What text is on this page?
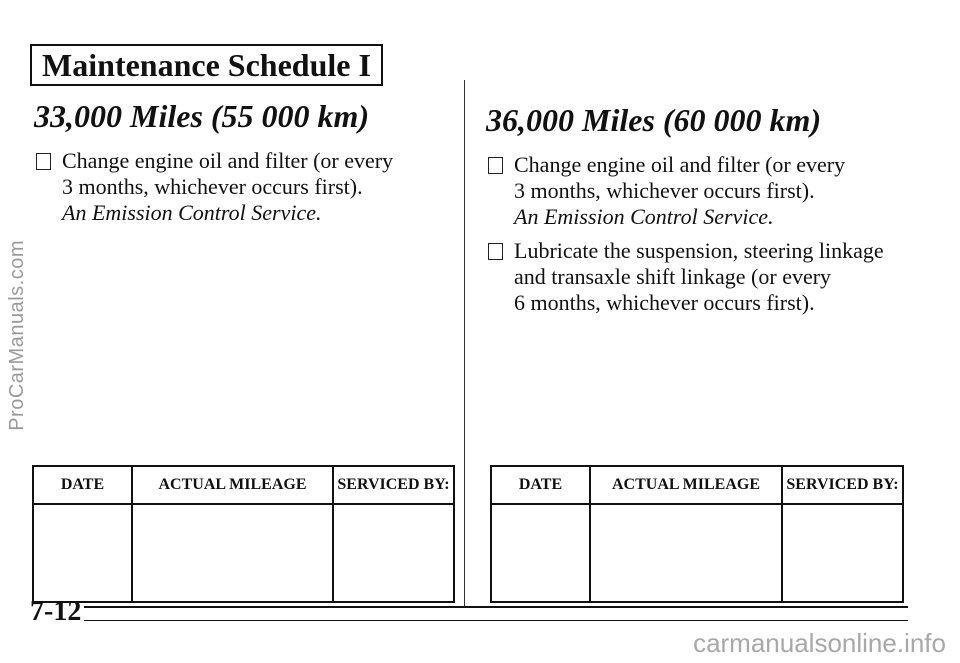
ProCarManuals.com
Maintenance Schedule I
33,000 Miles (55 000 km)
Change engine oil and filter (or every
3 months, whichever occurs first).
An Emission Control Service.
36,000 Miles (60 000 km)
Change engine oil and filter (or every
3 months, whichever occurs first).
An Emission Control Service.
Lubricate the suspension, steering linkage
and transaxle shift linkage (or every
6 months, whichever occurs first).
DATE	ACTUAL MILEAGE	SERVICED BY:
			DATE	ACTUAL MILEAGE	SERVICED BY:

7-12
carmanualsonline.info
